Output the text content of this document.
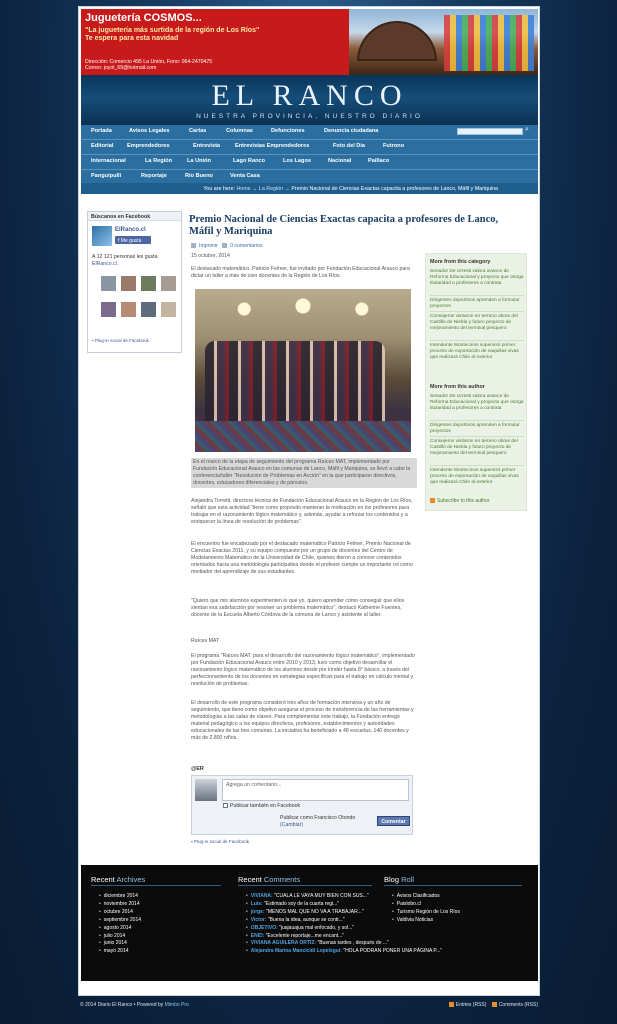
Juguetería COSMOS...
"La juguetería más surtida de la región de Los Ríos"
Te espera para esta navidad
Dirección: Comercio 495 La Unión, Fono: 064-2470475
Correo: joyol_69@hotmail.com
EL RANCO
NUESTRA PROVINCIA, NUESTRO DIARIO
Portada	Avisos Legales	Cartas	Columnas	Defunciones	Denuncia ciudadana	⌕
Editorial Emprendedores	Entrevista	Entrevistas Emprendedores	Foto del Día	Futrono
Internacional	La Región	La Unión	Lago Ranco	Los Lagos	Nacional	Paillaco
Panguipulli	Reportaje	Río Bueno	Venta Casa
You are here: Home → La Región → Premio Nacional de Ciencias Exactas capacita a profesores de Lanco, Máfil y Mariquina
Búscanos en Facebook
ElRanco.cl
f Me gusta
A 12 121 personas les gusta
ElRanco.cl.
▪ Plug-in social de Facebook
Premio Nacional de Ciencias Exactas capacita a profesores de Lanco, Máfil y Mariquina
Imprimir 0 comentarios
15 octubre, 2014
El destacado matemático, Patricio Felmer, fue invitado por Fundación Educacional Arauco para dictar un taller a más de cien docentes de la Región de Los Ríos.
En el marco de la etapa de seguimiento del programa Raíces MAT, implementado por Fundación Educacional Arauco en las comunas de Lanco, Máfil y Mariquina, se llevó a cabo la conferencia/taller "Resolución de Problemas en Acción" en la que participaron directivos, docentes, educadores diferenciales y de párvulos.
Alejandra Torretti, directora técnica de Fundación Educacional Arauco en la Región de Los Ríos, señaló que esta actividad "tiene como propósito mantener la motivación en los profesores para trabajar en el razonamiento lógico matemático y, además, ayudar a reforzar los contenidos y a enriquecer la línea de resolución de problemas".
El encuentro fue encabezado por el destacado matemático Patricio Felmer, Premio Nacional de Ciencias Exactas 2011, y su equipo compuesto por un grupo de docentes del Centro de Modelamiento Matemático de la Universidad de Chile, quienes dieron a conocer contenidos orientados hacia una metodología participativa donde el profesor cumple un importante rol como mediador del aprendizaje de sus estudiantes.
"Quiero que mis alumnos experimenten lo que yo, quiero aprender cómo conseguir que ellos sientan esa satisfacción por resolver un problema matemático", destacó Katherine Fuentes, docente de la Escuela Alberto Córdova de la comuna de Lanco y asistente al taller.
Raíces MAT
El programa "Raíces MAT: para el desarrollo del razonamiento lógico matemático", implementado por Fundación Educacional Arauco entre 2010 y 2013, tuvo como objetivo desarrollar el razonamiento lógico matemático de los alumnos desde pre kínder hasta 8° básico, a través del perfeccionamiento de los docentes en estrategias específicas para el trabajo en cálculo mental y resolución de problemas.
El desarrollo de este programa consideró tres años de formación intensiva y un año de seguimiento, que tiene como objetivo asegurar el proceso de transferencia de las herramientas y metodologías a las salas de clases. Para complementar este trabajo, la Fundación entregó material pedagógico a los equipos directivos, profesores, establecimientos y autoridades educacionales de las tres comunas. La iniciativa ha beneficiado a 48 escuelas, 140 docentes y más de 2.800 niños.
More from this category
Senador De Urresti valora avance de Reforma Educacional y proyecto que otorga titularidad a profesores a contrata
Dirigentes deportivos aprenden a formular proyectos
Consejeros visitaron en terreno obras del Castillo de Niebla y futuro proyecto de mejoramiento del terminal pesquero
Intendente Montecinos supervisó primer proceso de exportación de vaquillas vivas que realizará Chile al exterior
More from this author
Senador De Urresti valora avance de Reforma Educacional y proyecto que otorga titularidad a profesores a contrata
Dirigentes deportivos aprenden a formular proyectos
Consejeros visitaron en terreno obras del Castillo de Niebla y futuro proyecto de mejoramiento del terminal pesquero
Intendente Montecinos supervisó primer proceso de exportación de vaquillas vivas que realizará Chile al exterior
Subscribe to this author
@ER
Agrega un comentario...
Publicar también en Facebook
Publicar como Francisco Otondo
(Cambiar)	Comentar
▪ Plug-in social de Facebook
Recent Archives
• diciembre 2014
• noviembre 2014
• octubre 2014
• septiembre 2014
• agosto 2014
• julio 2014
• junio 2014
• mayo 2014
Recent Comments
• VIVIANA: "CUALA LE VAYA MUY BIEN CON SUS..."
• Luis: "Estimado soy de la cuarta regi..."
• jorge: "MENOS MAL QUE NO VA A TRABAJAR..."
• Victor: "Buena la idea, aunque se contr..."
• OBJETIVO: "juajauajua mal enfocado, y sol..."
• ENID: "Excelente reportaje...me encant..."
• VIVIANA AGUILERA ORTIZ: "Buenas tardes , después de ..."
• Alejandra Marina Mancicidi Lopelegui: "HOLA PODRAN PONER UNA PÁGINA P..."
Blog Roll
• Avisos Clasificados
• Paislobo.cl
• Turismo Región de Los Ríos
• Valdivia Noticias
© 2014 Diario El Ranco • Powered by Mimbo Pro	Entries (RSS) Comments (RSS)
